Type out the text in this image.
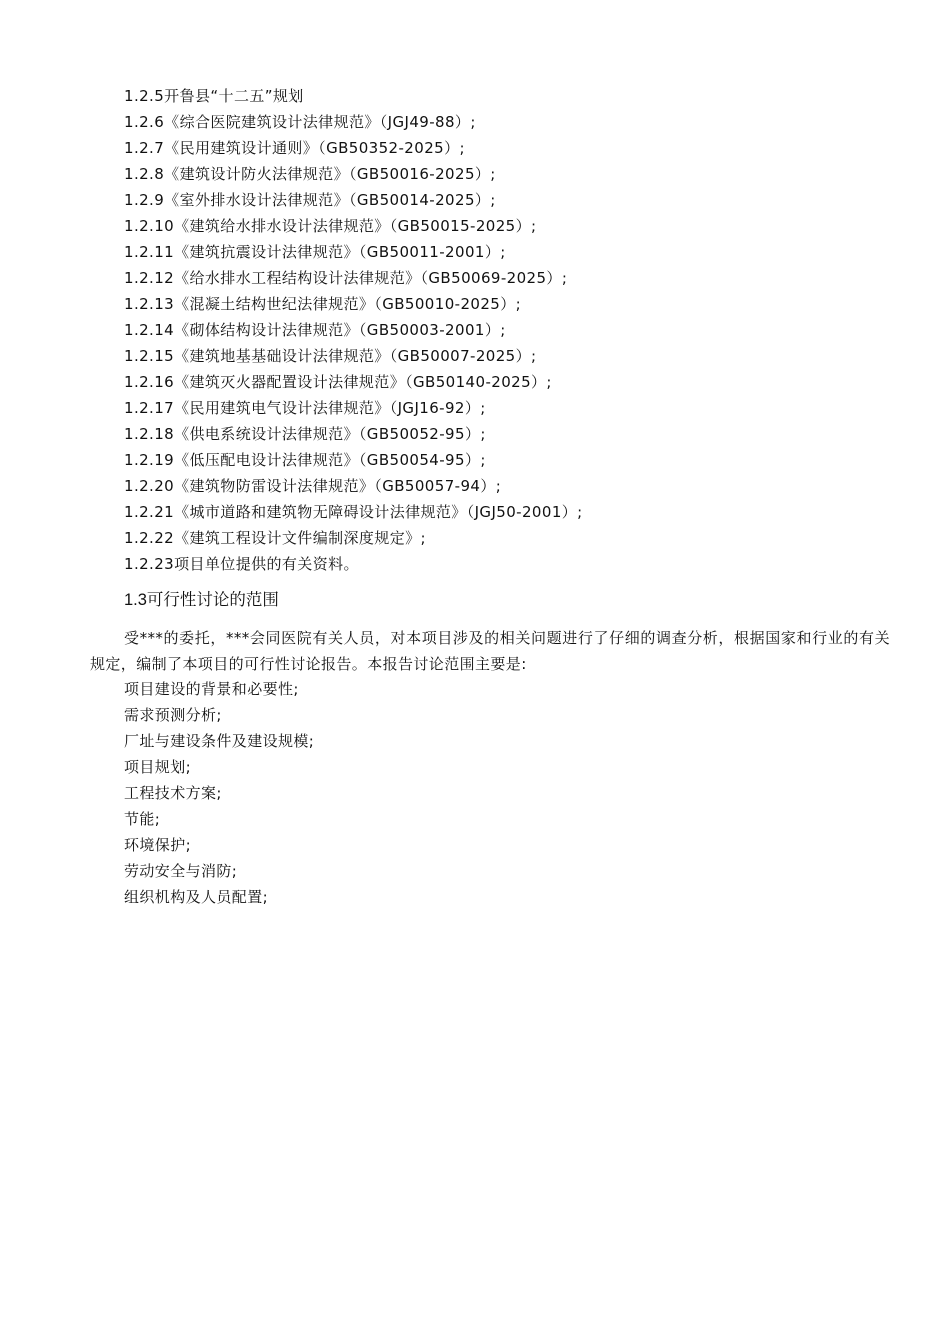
1.2.5开鲁县“十二五”规划
1.2.6《综合医院建筑设计法律规范》（JGJ49-88）;
1.2.7《民用建筑设计通则》（GB50352-2025）;
1.2.8《建筑设计防火法律规范》（GB50016-2025）;
1.2.9《室外排水设计法律规范》（GB50014-2025）;
1.2.10《建筑给水排水设计法律规范》（GB50015-2025）;
1.2.11《建筑抗震设计法律规范》（GB50011-2001）;
1.2.12《给水排水工程结构设计法律规范》（GB50069-2025）;
1.2.13《混凝土结构世纪法律规范》（GB50010-2025）;
1.2.14《砌体结构设计法律规范》（GB50003-2001）;
1.2.15《建筑地基基础设计法律规范》（GB50007-2025）;
1.2.16《建筑灭火器配置设计法律规范》（GB50140-2025）;
1.2.17《民用建筑电气设计法律规范》（JGJ16-92）;
1.2.18《供电系统设计法律规范》（GB50052-95）;
1.2.19《低压配电设计法律规范》（GB50054-95）;
1.2.20《建筑物防雷设计法律规范》（GB50057-94）;
1.2.21《城市道路和建筑物无障碍设计法律规范》（JGJ50-2001）;
1.2.22《建筑工程设计文件编制深度规定》;
1.2.23项目单位提供的有关资料。
1.3可行性讨论的范围
受***的委托，***会同医院有关人员，对本项目涉及的相关问题进行了仔细的调查分析，根据国家和行业的有关规定，编制了本项目的可行性讨论报告。本报告讨论范围主要是:
项目建设的背景和必要性;
需求预测分析;
厂址与建设条件及建设规模;
项目规划;
工程技术方案;
节能;
环境保护;
劳动安全与消防;
组织机构及人员配置;
